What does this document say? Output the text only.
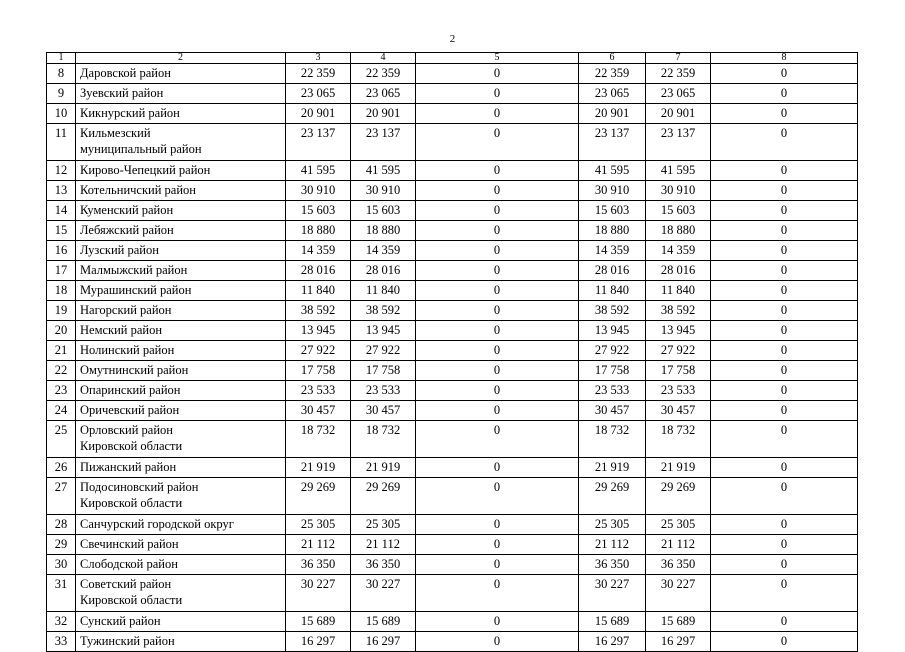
2
1	2	3	4	5	6	7	8
8	Даровской район	22 359	22 359	0	22 359	22 359	0
9	Зуевский район	23 065	23 065	0	23 065	23 065	0
10	Кикнурский район	20 901	20 901	0	20 901	20 901	0
11	Кильмезский
муниципальный район	23 137	23 137	0	23 137	23 137	0
12	Кирово-Чепецкий район	41 595	41 595	0	41 595	41 595	0
13	Котельничский район	30 910	30 910	0	30 910	30 910	0
14	Куменский район	15 603	15 603	0	15 603	15 603	0
15	Лебяжский район	18 880	18 880	0	18 880	18 880	0
16	Лузский район	14 359	14 359	0	14 359	14 359	0
17	Малмыжский район	28 016	28 016	0	28 016	28 016	0
18	Мурашинский район	11 840	11 840	0	11 840	11 840	0
19	Нагорский район	38 592	38 592	0	38 592	38 592	0
20	Немский район	13 945	13 945	0	13 945	13 945	0
21	Нолинский район	27 922	27 922	0	27 922	27 922	0
22	Омутнинский район	17 758	17 758	0	17 758	17 758	0
23	Опаринский район	23 533	23 533	0	23 533	23 533	0
24	Оричевский район	30 457	30 457	0	30 457	30 457	0
25	Орловский район
Кировской области	18 732	18 732	0	18 732	18 732	0
26	Пижанский район	21 919	21 919	0	21 919	21 919	0
27	Подосиновский район
Кировской области	29 269	29 269	0	29 269	29 269	0
28	Санчурский городской округ	25 305	25 305	0	25 305	25 305	0
29	Свечинский район	21 112	21 112	0	21 112	21 112	0
30	Слободской район	36 350	36 350	0	36 350	36 350	0
31	Советский район
Кировской области	30 227	30 227	0	30 227	30 227	0
32	Сунский район	15 689	15 689	0	15 689	15 689	0
33	Тужинский район	16 297	16 297	0	16 297	16 297	0
